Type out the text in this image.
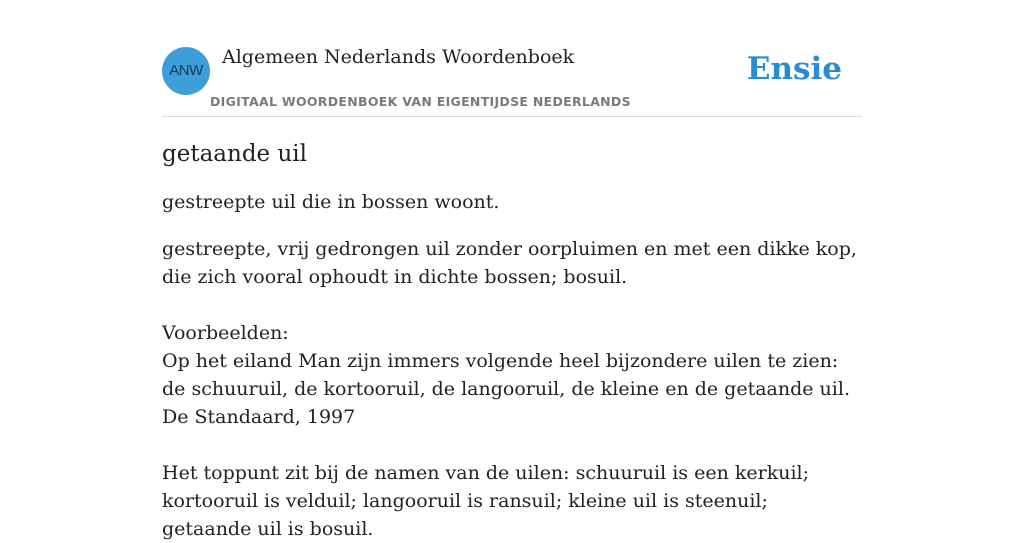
ANW
Algemeen Nederlands Woordenboek
DIGITAAL WOORDENBOEK VAN EIGENTIJDSE NEDERLANDS
Ensie
getaande uil

gestreepte uil die in bossen woont.

gestreepte, vrij gedrongen uil zonder oorpluimen en met een dikke kop, die zich vooral ophoudt in dichte bossen; bosuil.

Voorbeelden:

Op het eiland Man zijn immers volgende heel bijzondere uilen te zien: de schuuruil, de kortooruil, de langooruil, de kleine en de getaande uil.

De Standaard, 1997

Het toppunt zit bij de namen van de uilen: schuuruil is een kerkuil; kortooruil is velduil; langooruil is ransuil; kleine uil is steenuil; getaande uil is bosuil.
